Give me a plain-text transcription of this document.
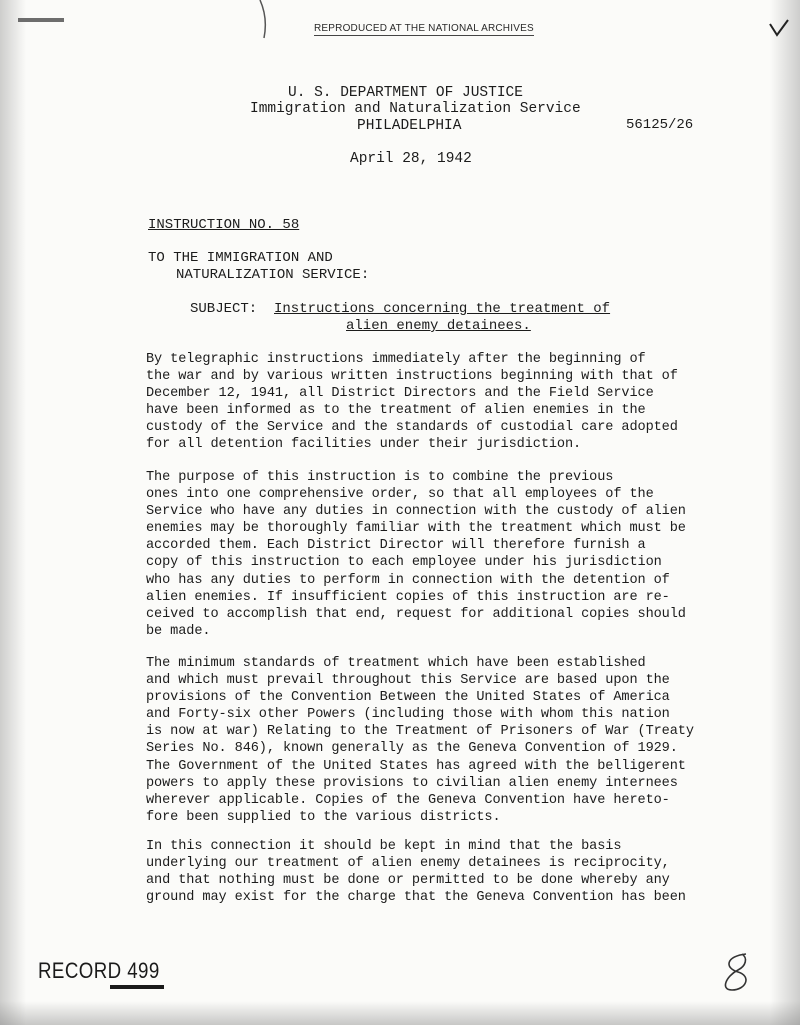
REPRODUCED AT THE NATIONAL ARCHIVES
U. S. DEPARTMENT OF JUSTICE
Immigration and Naturalization Service
PHILADELPHIA	56125/26
April 28, 1942
INSTRUCTION NO. 58
TO THE IMMIGRATION AND
NATURALIZATION SERVICE:
SUBJECT: Instructions concerning the treatment of
alien enemy detainees.
By telegraphic instructions immediately after the beginning of
the war and by various written instructions beginning with that of
December 12, 1941, all District Directors and the Field Service
have been informed as to the treatment of alien enemies in the
custody of the Service and the standards of custodial care adopted
for all detention facilities under their jurisdiction.
The purpose of this instruction is to combine the previous
ones into one comprehensive order, so that all employees of the
Service who have any duties in connection with the custody of alien
enemies may be thoroughly familiar with the treatment which must be
accorded them. Each District Director will therefore furnish a
copy of this instruction to each employee under his jurisdiction
who has any duties to perform in connection with the detention of
alien enemies. If insufficient copies of this instruction are re-
ceived to accomplish that end, request for additional copies should
be made.
The minimum standards of treatment which have been established
and which must prevail throughout this Service are based upon the
provisions of the Convention Between the United States of America
and Forty-six other Powers (including those with whom this nation
is now at war) Relating to the Treatment of Prisoners of War (Treaty
Series No. 846), known generally as the Geneva Convention of 1929.
The Government of the United States has agreed with the belligerent
powers to apply these provisions to civilian alien enemy internees
wherever applicable. Copies of the Geneva Convention have hereto-
fore been supplied to the various districts.
In this connection it should be kept in mind that the basis
underlying our treatment of alien enemy detainees is reciprocity,
and that nothing must be done or permitted to be done whereby any
ground may exist for the charge that the Geneva Convention has been
RECORD 499
